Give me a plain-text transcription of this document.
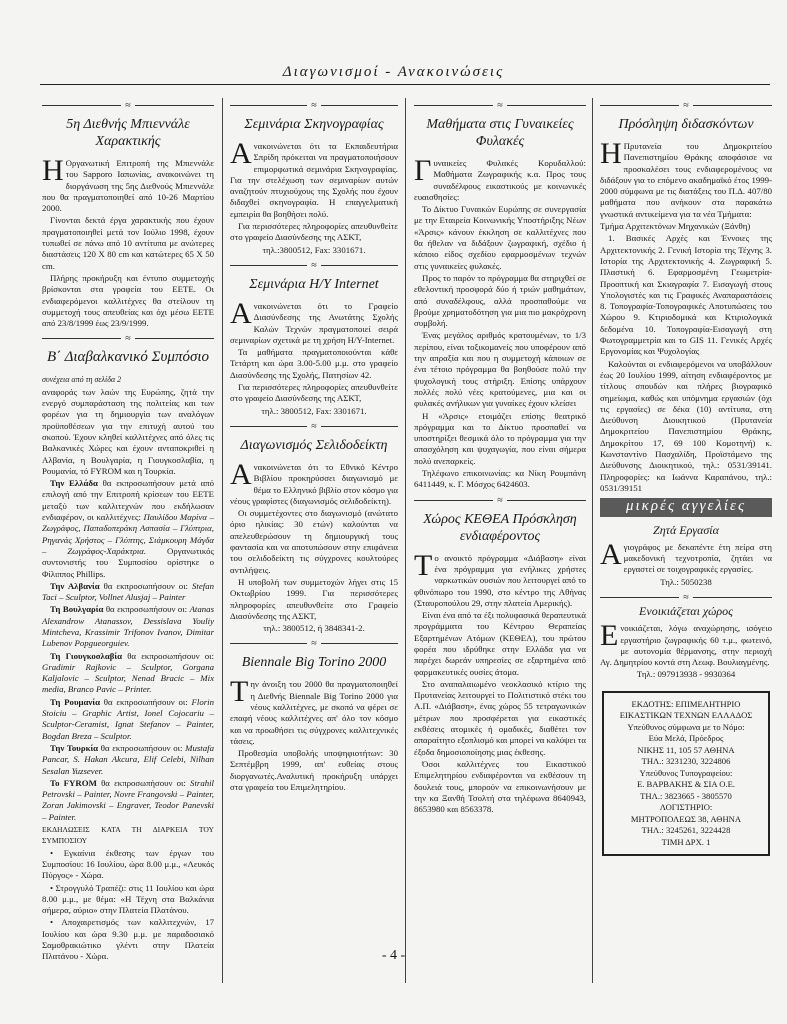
Διαγωνισμοί - Ανακοινώσεις
≈
5η Διεθνής Μπιεννάλε Χαρακτικής

ΗΟργανωτική Επιτροπή της Μπιεννάλε του Sapporo Ιαπωνίας, ανακοινώνει τη διοργάνωση της 5ης Διεθνούς Μπιεννάλε που θα πραγματοποιηθεί από 10-26 Μαρτίου 2000.

Γίνονται δεκτά έργα χαρακτικής που έχουν πραγματοποιηθεί μετά τον Ιούλιο 1998, έχουν τυπωθεί σε πάνω από 10 αντίτυπα με ανώτερες διαστάσεις 120 Χ 80 cm και κατώτερες 65 Χ 50 cm.

Πλήρης προκήρυξη και έντυπο συμμετοχής βρίσκονται στα γραφεία του ΕΕΤΕ. Οι ενδιαφερόμενοι καλλιτέχνες θα στείλουν τη συμμετοχή τους απευθείας και όχι μέσω ΕΕΤΕ από 23/8/1999 έως 23/9/1999.

≈
Β΄ Διαβαλκανικό Συμπόσιο
συνέχεια από τη σελίδα 2

αναφοράς των λαών της Ευρώπης, ζητά την ενεργό συμπαράσταση της πολιτείας και των φορέων για τη δημιουργία των αναλόγων προϋποθέσεων για την επιτυχή αυτού του σκοπού. Έχουν κληθεί καλλιτέχνες από όλες τις Βαλκανικές Χώρες και έχουν ανταποκριθεί η Αλβανία, η Βουλγαρία, η Γιουγκοσλαβία, η Ρουμανία, τό FYROM και η Τουρκία.

Την Ελλάδα θα εκπροσωπήσουν μετά από επιλογή από την Επιτροπή κρίσεων του ΕΕΤΕ μεταξύ των καλλιτεχνών που εκδήλωσαν ενδιαφέρον, οι καλλιτέχνες: Παυλίδου Μαρίνα – Ζωγράφος, Παπαδοπεράκη Ασπασία – Γλύπτρια, Ρηγανάς Χρήστος – Γλύπτης, Σιάμκουρη Μάγδα – Ζωγράφος-Χαράκτρια. Οργανωτικός συντονιστής του Συμποσίου ορίστηκε ο Φίλιππος Phillips.

Την Αλβανία θα εκπροσωπήσουν οι: Stefan Taci – Sculptor, Vollnet Alusjaj – Painter

Τη Βουλγαρία θα εκπροσωπήσουν οι: Atanas Alexandrow Atanassov, Dessislava Youliy Mintcheva, Krassimir Trifonov Ivanov, Dimitar Lubenov Popgueorguiev.

Τη Γιουγκοσλαβία θα εκπροσωπήσουν οι: Gradimir Rajkovic – Sculptor, Gorgana Kaljalovic – Sculptor, Nenad Bracic – Mix media, Branco Pavic – Printer.

Τη Ρουμανία θα εκπροσωπήσουν οι: Florin Stoiciu – Graphic Artist, Ionel Cojocariu – Sculptor-Ceramist, Ignat Stefanov – Painter, Bogdan Breza – Sculptor.

Την Τουρκία θα εκπροσωπήσουν οι: Mustafa Pancar, S. Hakan Akcura, Elif Celebi, Nilhan Sesalan Yuzsever.

Το FYROM θα εκπροσωπήσουν οι: Strahil Petrovski – Painter, Novre Frangovski – Painter, Zoran Jakimovski – Engraver, Teodor Panevski – Painter.

ΕΚΔΗΛΩΣΕΙΣ ΚΑΤΑ ΤΗ ΔΙΑΡΚΕΙΑ ΤΟΥ ΣΥΜΠΟΣΙΟΥ

• Εγκαίνια έκθεσης των έργων του Συμποσίου: 16 Ιουλίου, ώρα 8.00 μ.μ., «Λευκός Πύργος» - Χώρα.

• Στρογγυλό Τραπέζι: στις 11 Ιουλίου και ώρα 8.00 μ.μ., με θέμα: «Η Τέχνη στα Βαλκάνια σήμερα, αύριο» στην Πλατεία Πλατάνου.

• Αποχαιρετισμός των καλλιτεχνών, 17 Ιουλίου και ώρα 9.30 μ.μ. με παραδοσιακό Σαμοθρακιώτικο γλέντι στην Πλατεία Πλατάνου - Χώρα.

≈
Σεμινάρια Σκηνογραφίας

Ανακοινώνεται ότι τα Εκπαιδευτήρια Σπρίδη πρόκειται να πραγματοποιήσουν επιμορφωτικά σεμινάρια Σκηνογραφίας. Για την στελέχωση των σεμιναρίων αυτών αναζητούν πτυχιούχους της Σχολής που έχουν διδαχθεί σκηνογραφία. Η επαγγελματική εμπειρία θα βοηθήσει πολύ.

Για περισσότερες πληροφορίες απευθυνθείτε στο γραφείο Διασύνδεσης της ΑΣΚΤ,

τηλ.:3800512, Fax: 3301671.

≈
Σεμινάρια H/Y Internet

Ανακοινώνεται ότι το Γραφείο Διασύνδεσης της Ανωτάτης Σχολής Καλών Τεχνών πραγματοποιεί σειρά σεμιναρίων σχετικά με τη χρήση Η/Υ-Internet.

Τα μαθήματα πραγματοποιούνται κάθε Τετάρτη και ώρα 3.00-5.00 μ.μ. στο γραφείο Διασύνδεσης της Σχολής, Πατησίων 42.

Για περισσότερες πληροφορίες απευθυνθείτε στο γραφείο Διασύνδεσης της ΑΣΚΤ,

τηλ.: 3800512, Fax: 3301671.

≈
Διαγωνισμός Σελιδοδείκτη

Ανακοινώνεται ότι το Εθνικό Κέντρο Βιβλίου προκηρύσσει διαγωνισμό με θέμα το Ελληνικό βιβλίο στον κόσμο για νέους γραφίστες (διαγωνισμός σελιδοδείκτη).

Οι συμμετέχοντες στο διαγωνισμό (ανώτατο όριο ηλικίας: 30 ετών) καλούνται να απελευθερώσουν τη δημιουργική τους φαντασία και να αποτυπώσουν στην επιφάνεια του σελιδοδείκτη τις σύγχρονες κουλτούρες αντιλήψεις.

Η υποβολή των συμμετοχών λήγει στις 15 Οκτωβρίου 1999. Για περισσότερες πληροφορίες απευθυνθείτε στο Γραφείο Διασύνδεσης της ΑΣΚΤ,

τηλ.: 3800512, ή 3848341-2.

≈
Biennale Big Torino 2000

Την άνοιξη του 2000 θα πραγματοποιηθεί η Διεθνής Biennale Big Torino 2000 για νέους καλλιτέχνες, με σκοπό να φέρει σε επαφή νέους καλλιτέχνες απ' όλο τον κόσμο και να προωθήσει τις σύγχρονες καλλιτεχνικές τάσεις.

Προθεσμία υποβολής υποψηφιοτήτων: 30 Σεπτέμβρη 1999, απ' ευθείας στους διοργανωτές.Αναλυτική προκήρυξη υπάρχει στα γραφεία του Επιμελητηρίου.

≈
Μαθήματα στις Γυναικείες Φυλακές

Γυναικείες Φυλακές Κορυδαλλού: Μαθήματα Ζωγραφικής κ.α. Προς τους συναδέλφους εικαστικούς με κοινωνικές ευαισθησίες:

Το Δίκτυο Γυναικών Ευρώπης σε συνεργασία με την Εταιρεία Κοινωνικής Υποστήριξης Νέων «Άρσις» κάνουν έκκληση σε καλλιτέχνες που θα ήθελαν να διδάξουν ζωγραφική, σχέδιο ή κάποιο είδος σχεδίου εφαρμοσμένων τεχνών στις γυναικείες φυλακές.

Προς το παρόν το πρόγραμμα θα στηριχθεί σε εθελοντική προσφορά δύο ή τριών μαθημάτων, από συναδέλφους, αλλά προσπαθούμε να βρούμε χρηματοδότηση για μια πιο μακρόχρονη συμβολή.

Ένας μεγάλος αριθμός κρατουμένων, το 1/3 περίπου, είναι τοξικομανείς που υποφέρουν από την απραξία και που η συμμετοχή κάποιων σε ένα τέτοιο πρόγραμμα θα βοηθούσε πολύ την ψυχολογική τους στήριξη. Επίσης υπάρχουν πολλές πολύ νέες κρατούμενες, μια και οι φυλακές ανήλικων για γυναίκες έχουν κλείσει

Η «Άρσις» ετοιμάζει επίσης θεατρικό πρόγραμμα και το Δίκτυο προσπαθεί να υποστηρίξει θεσμικά όλο το πρόγραμμα για την απασχόληση και ψυχαγωγία, που είναι σήμερα πολύ ανεπαρκείς.

Τηλέφωνο επικοινωνίας: κα Νίκη Ρουμπάνη 6411449, κ. Γ. Μόσχος 6424603.

≈
Χώρος ΚΕΘΕΑ Πρόσκληση ενδιαφέροντος

Το ανοικτό πρόγραμμα «Διάβαση» είναι ένα πρόγραμμα για ενήλικες χρήστες ναρκωτικών ουσιών που λειτουργεί από το φθινόπωρο του 1990, στο κέντρο της Αθήνας (Σταυροπούλου 29, στην πλατεία Αμερικής).

Είναι ένα από τα έξι πολυφασικά θεραπευτικά προγράμματα του Κέντρου Θεραπείας Εξαρτημένων Ατόμων (ΚΕΘΕΑ), του πρώτου φορέα που ιδρύθηκε στην Ελλάδα για να παρέχει δωρεάν υπηρεσίες σε εξαρτημένα από φαρμακευτικές ουσίες άτομα.

Στο αναπαλαιωμένο νεοκλασικό κτίριο της Πρυτανείας λειτουργεί το Πολιτιστικό στέκι του Α.Π. «Διάβαση», ένας χώρος 55 τετραγωνικών μέτρων που προσφέρεται για εικαστικές εκθέσεις ατομικές ή ομαδικές, διαθέτει τον απαραίτητο εξοπλισμό και μπορεί να καλύψει τα έξοδα δημοσιοποίησης μιας έκθεσης.

Όσοι καλλιτέχνες του Εικαστικού Επιμελητηρίου ενδιαφέρονται να εκθέσουν τη δουλειά τους, μπορούν να επικοινωνήσουν με την κα Ξανθή Τσολτή στα τηλέφωνα 8640943, 8653980 και 8563378.

≈
Πρόσληψη διδασκόντων

ΗΠρυτανεία του Δημοκριτείου Πανεπιστημίου Θράκης αποφάσισε να προσκαλέσει τους ενδιαφερομένους να διδάξουν για το επόμενο ακαδημαϊκό έτος 1999-2000 σύμφωνα με τις διατάξεις του Π.Δ. 407/80 μαθήματα που ανήκουν στα παρακάτω γνωστικά αντικείμενα για τα νέα Τμήματα:

Τμήμα Αρχιτεκτόνων Μηχανικών (Ξάνθη)

1. Βασικές Αρχές και Έννοιες της Αρχιτεκτονικής 2. Γενική Ιστορία της Τέχνης 3. Ιστορία της Αρχιτεκτονικής 4. Ζωγραφική 5. Πλαστική 6. Εφαρμοσμένη Γεωμετρία-Προοπτική και Σκιαγραφία 7. Εισαγωγή στους Υπολογιστές και τις Γραφικές Αναπαραστάσεις 8. Τοπογραφία-Τοπογραφικές Αποτυπώσεις του Χώρου 9. Κτιριοδομικά και Κτιριολογικά δεδομένα 10. Τοπογραφία-Εισαγωγή στη Φωτογραμμετρία και το GIS 11. Γενικές Αρχές Εργονομίας και Ψυχολογίας

Καλούνται οι ενδιαφερόμενοι να υποβάλλουν έως 20 Ιουλίου 1999, αίτηση ενδιαφέροντος με τίτλους σπουδών και πλήρες βιογραφικό σημείωμα, καθώς και υπόμνημα εργασιών (όχι τις εργασίες) σε δέκα (10) αντίτυπα, στη Διεύθυνση Διοικητικού (Πρυτανεία Δημοκριτείου Πανεπιστημίου Θράκης, Δημοκρίτου 17, 69 100 Κομοτηνή) κ. Κωνσταντίνο Πασχαλίδη, Προϊστάμενο της Διεύθυνσης Διοικητικού, τηλ.: 0531/39141. Πληροφορίες: κα Ιωάννα Καραπάνου, τηλ.: 0531/39151

μικρές αγγελίες
Ζητά Εργασία

Αγιογράφος με δεκαπέντε έτη πείρα στη μακεδονική τεχνοτροπία, ζητάει να εργαστεί σε τοιχογραφικές εργασίες.

Τηλ.: 5050238

≈
Ενοικιάζεται χώρος

Ενοικιάζεται, λόγω αναχώρησης, ισόγειο εργαστήριο ζωγραφικής 60 τ.μ., φωτεινό, με αυτονομία θέρμανσης, στην περιοχή Αγ. Δημητρίου κοντά στη Λεωφ. Βουλιαγμένης.

Τηλ.: 097913938 - 9930364

ΕΚΔΟΤΗΣ: ΕΠΙΜΕΛΗΤΗΡΙΟ
ΕΙΚΑΣΤΙΚΩΝ ΤΕΧΝΩΝ ΕΛΛΑΔΟΣ
Υπεύθυνος σύμφωνα με το Νόμο:
Εύα Μελά, Πρόεδρος
ΝΙΚΗΣ 11, 105 57 ΑΘΗΝΑ
ΤΗΛ.: 3231230, 3224806
Υπεύθυνος Τυπογραφείου:
Ε. ΒΑΡΒΑΚΗΣ & ΣΙΑ Ο.Ε.
ΤΗΛ.: 3823665 - 3805570
ΛΟΓΙΣΤΗΡΙΟ:
ΜΗΤΡΟΠΟΛΕΩΣ 38, ΑΘΗΝΑ
ΤΗΛ.: 3245261, 3224428
ΤΙΜΗ ΔΡΧ. 1
- 4 -
